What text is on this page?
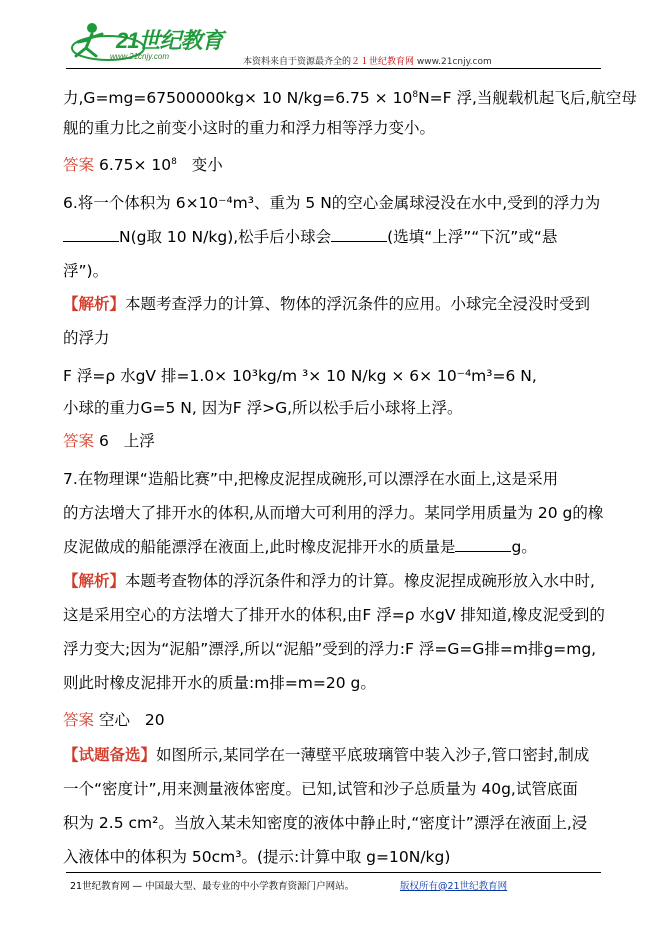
21世纪教育
www.21cnjy.com
本资料来自于资源最齐全的２１世纪教育网 www.21cnjy.com
力,G=mg=67500000kg× 10 $N/kg=6.75 \times 10^8N=F$ 浮,当舰载机起飞后,航空母
舰的重力比之前变小这时的重力和浮力相等浮力变小。
答案 $6.75\times 10^8$ 变小
6.将一个体积为 6×10⁻⁴m³、重为 5 N的空心金属球浸没在水中,受到的浮力为
N(g取 10 N/kg),松手后小球会	(选填“上浮”“下沉”或“悬
浮”)。
【解析】本题考查浮力的计算、物体的浮沉条件的应用。小球完全浸没时受到
的浮力
F 浮=ρ 水gV 排=1.0× 10³kg/m ³× 10 N/kg × 6× 10⁻⁴m³=6 N,
小球的重力G=5 N, 因为F 浮>G,所以松手后小球将上浮。
答案 6 上浮
7.在物理课“造船比赛”中,把橡皮泥捏成碗形,可以漂浮在水面上,这是采用
的方法增大了排开水的体积,从而增大可利用的浮力。某同学用质量为 20 g的橡
皮泥做成的船能漂浮在液面上,此时橡皮泥排开水的质量是	g。
【解析】本题考查物体的浮沉条件和浮力的计算。橡皮泥捏成碗形放入水中时,
这是采用空心的方法增大了排开水的体积,由F 浮=ρ 水gV 排知道,橡皮泥受到的
浮力变大;因为“泥船”漂浮,所以“泥船”受到的浮力:F 浮=G=G排=m排g=mg,
则此时橡皮泥排开水的质量:m排=m=20 g。
答案 空心 20
【试题备选】如图所示,某同学在一薄壁平底玻璃管中装入沙子,管口密封,制成
一个“密度计”,用来测量液体密度。已知,试管和沙子总质量为 40g,试管底面
积为 2.5 cm²。当放入某未知密度的液体中静止时,“密度计”漂浮在液面上,浸
入液体中的体积为 50cm³。(提示:计算中取 g=10N/kg)
21世纪教育网 — 中国最大型、最专业的中小学教育资源门户网站。	版权所有@21世纪教育网
